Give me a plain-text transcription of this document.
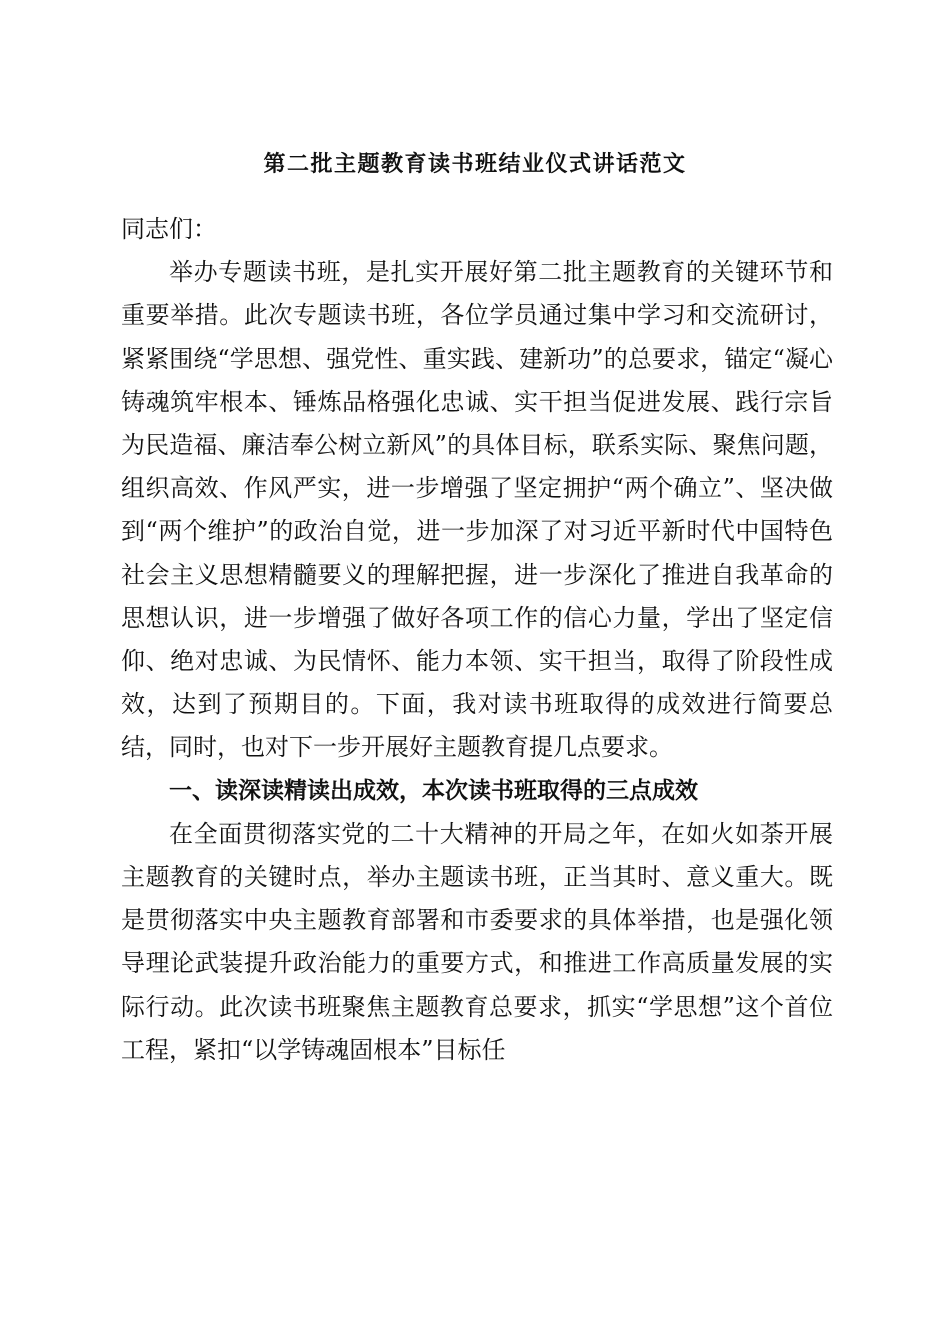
第二批主题教育读书班结业仪式讲话范文

同志们：

举办专题读书班，是扎实开展好第二批主题教育的关键环节和重要举措。此次专题读书班，各位学员通过集中学习和交流研讨，紧紧围绕“学思想、强党性、重实践、建新功”的总要求，锚定“凝心铸魂筑牢根本、锤炼品格强化忠诚、实干担当促进发展、践行宗旨为民造福、廉洁奉公树立新风”的具体目标，联系实际、聚焦问题，组织高效、作风严实，进一步增强了坚定拥护“两个确立”、坚决做到“两个维护”的政治自觉，进一步加深了对习近平新时代中国特色社会主义思想精髓要义的理解把握，进一步深化了推进自我革命的思想认识，进一步增强了做好各项工作的信心力量，学出了坚定信仰、绝对忠诚、为民情怀、能力本领、实干担当，取得了阶段性成效，达到了预期目的。下面，我对读书班取得的成效进行简要总结，同时，也对下一步开展好主题教育提几点要求。

一、读深读精读出成效，本次读书班取得的三点成效

在全面贯彻落实党的二十大精神的开局之年，在如火如荼开展主题教育的关键时点，举办主题读书班，正当其时、意义重大。既是贯彻落实中央主题教育部署和市委要求的具体举措，也是强化领导理论武装提升政治能力的重要方式，和推进工作高质量发展的实际行动。此次读书班聚焦主题教育总要求，抓实“学思想”这个首位工程，紧扣“以学铸魂固根本”目标任
